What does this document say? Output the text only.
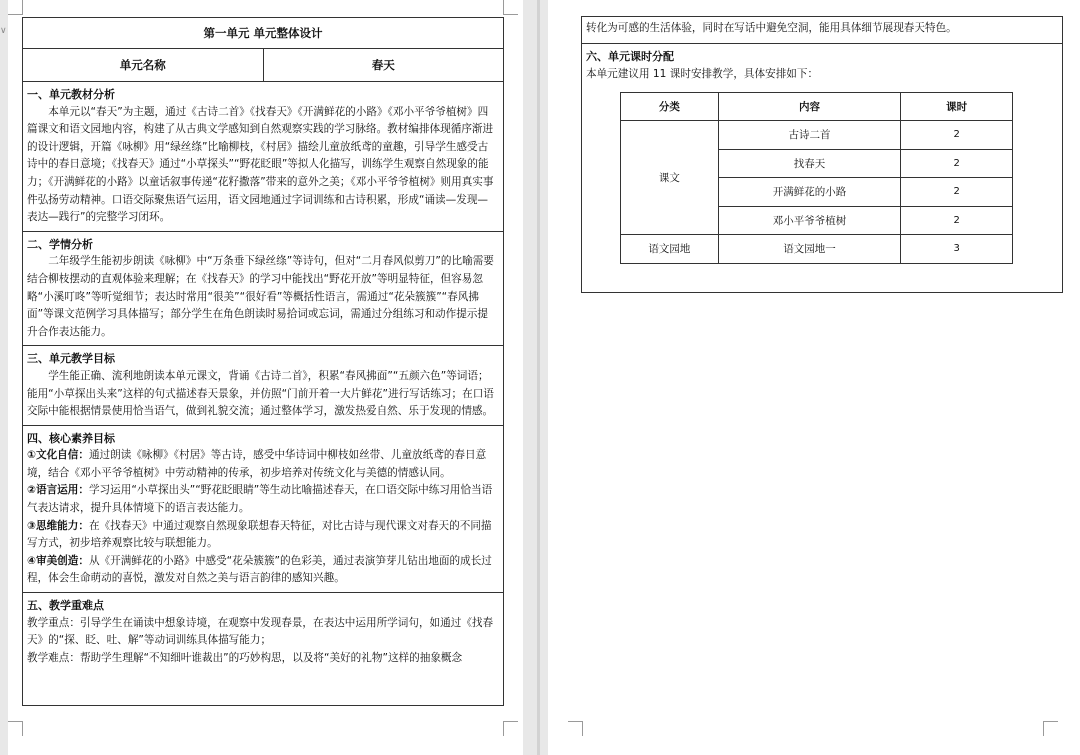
∨	第一单元 单元整体设计
单元名称	春天
一、单元教材分析

本单元以“春天”为主题，通过《古诗二首》《找春天》《开满鲜花的小路》《邓小平爷爷植树》四篇课文和语文园地内容，构建了从古典文学感知到自然观察实践的学习脉络。教材编排体现循序渐进的设计逻辑，开篇《咏柳》用“绿丝绦”比喻柳枝，《村居》描绘儿童放纸鸢的童趣，引导学生感受古诗中的春日意境；《找春天》通过“小草探头”“野花眨眼”等拟人化描写，训练学生观察自然现象的能力；《开满鲜花的小路》以童话叙事传递“花籽撒落”带来的意外之美；《邓小平爷爷植树》则用真实事件弘扬劳动精神。口语交际聚焦语气运用，语文园地通过字词训练和古诗积累，形成“诵读—发现—表达—践行”的完整学习闭环。

二、学情分析

二年级学生能初步朗读《咏柳》中“万条垂下绿丝绦”等诗句，但对“二月春风似剪刀”的比喻需要结合柳枝摆动的直观体验来理解；在《找春天》的学习中能找出“野花开放”等明显特征，但容易忽略“小溪叮咚”等听觉细节；表达时常用“很美”“很好看”等概括性语言，需通过“花朵簇簇”“春风拂面”等课文范例学习具体描写；部分学生在角色朗读时易拾词或忘词，需通过分组练习和动作提示提升合作表达能力。

三、单元教学目标

学生能正确、流利地朗读本单元课文，背诵《古诗二首》，积累“春风拂面”“五颜六色”等词语；能用“小草探出头来”这样的句式描述春天景象，并仿照“门前开着一大片鲜花”进行写话练习；在口语交际中能根据情景使用恰当语气，做到礼貌交流；通过整体学习，激发热爱自然、乐于发现的情感。

四、核心素养目标

①文化自信：通过朗读《咏柳》《村居》等古诗，感受中华诗词中柳枝如丝带、儿童放纸鸢的春日意境，结合《邓小平爷爷植树》中劳动精神的传承，初步培养对传统文化与美德的情感认同。

②语言运用：学习运用“小草探出头”“野花眨眼睛”等生动比喻描述春天，在口语交际中练习用恰当语气表达请求，提升具体情境下的语言表达能力。

③思维能力：在《找春天》中通过观察自然现象联想春天特征，对比古诗与现代课文对春天的不同描写方式，初步培养观察比较与联想能力。

④审美创造：从《开满鲜花的小路》中感受“花朵簇簇”的色彩美，通过表演笋芽儿钻出地面的成长过程，体会生命萌动的喜悦，激发对自然之美与语言韵律的感知兴趣。

五、教学重难点

教学重点：引导学生在诵读中想象诗境，在观察中发现春景，在表达中运用所学词句，如通过《找春天》的“探、眨、吐、解”等动词训练具体描写能力；

教学难点：帮助学生理解“不知细叶谁裁出”的巧妙构思，以及将“美好的礼物”这样的抽象概念

转化为可感的生活体验，同时在写话中避免空洞，能用具体细节展现春天特色。

六、单元课时分配

本单元建议用 11 课时安排教学，具体安排如下：

分类	内容	课时
课文	古诗二首	2
	找春天	2
	开满鲜花的小路	2
	邓小平爷爷植树	2
语文园地	语文园地一	3
